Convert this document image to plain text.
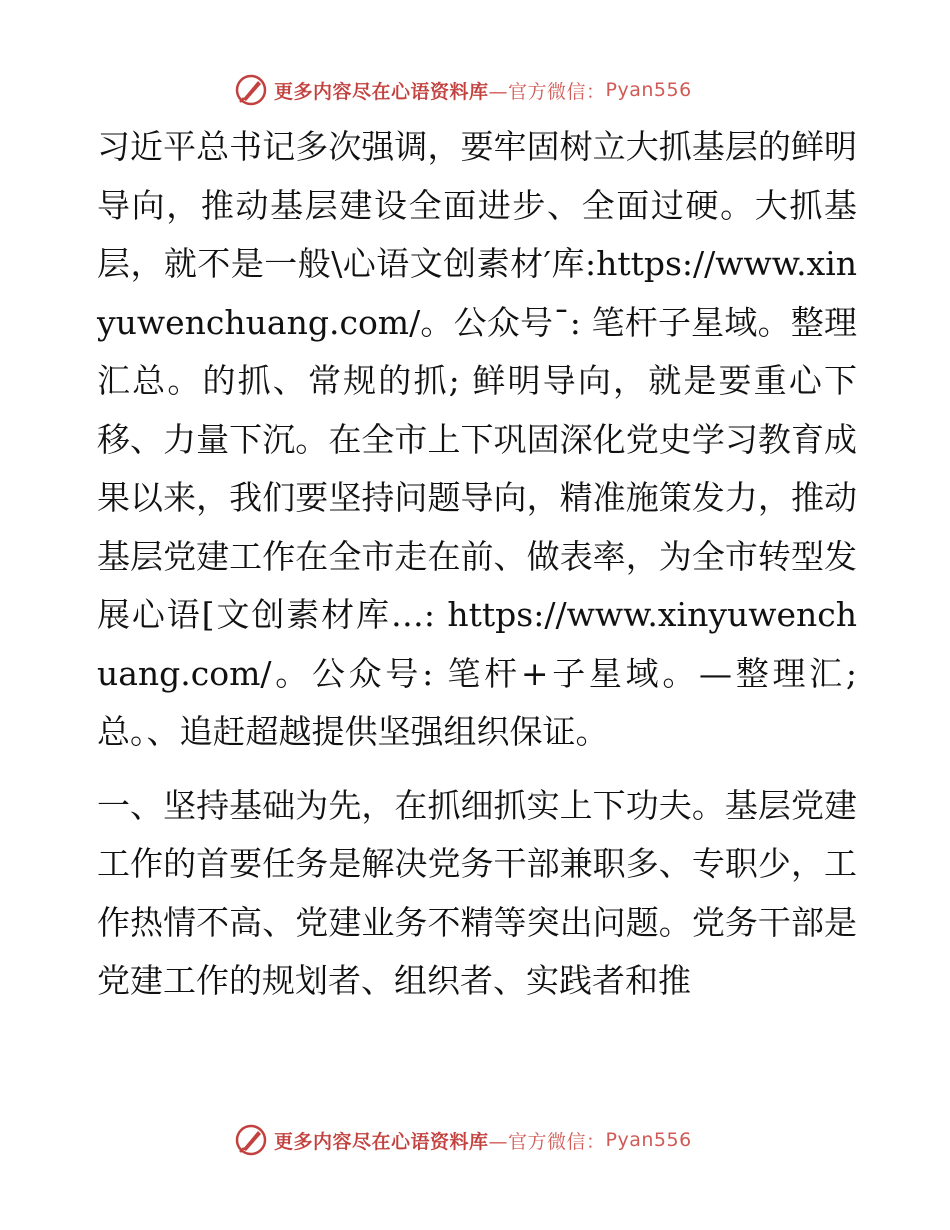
更多内容尽在心语资料库 —官方微信： Pyan556

习近平总书记多次强调，要牢固树立大抓基层的鲜明导向，推动基层建设全面进步、全面过硬。大抓基层，就不是一般\心语文创素材′库:https://www.xinyuwenchuang.com/。公众号¯: 笔杆子星域。整理汇总。的抓、常规的抓; 鲜明导向，就是要重心下移、力量下沉。在全市上下巩固深化党史学习教育成果以来，我们要坚持问题导向，精准施策发力，推动基层党建工作在全市走在前、做表率，为全市转型发展心语[文创素材库…: https://www.xinyuwenchuang.com/。公众号: 笔杆+子星域。—整理汇;总。、追赶超越提供坚强组织保证。

一、坚持基础为先，在抓细抓实上下功夫。基层党建工作的首要任务是解决党务干部兼职多、专职少，工作热情不高、党建业务不精等突出问题。党务干部是党建工作的规划者、组织者、实践者和推

更多内容尽在心语资料库 —官方微信： Pyan556
